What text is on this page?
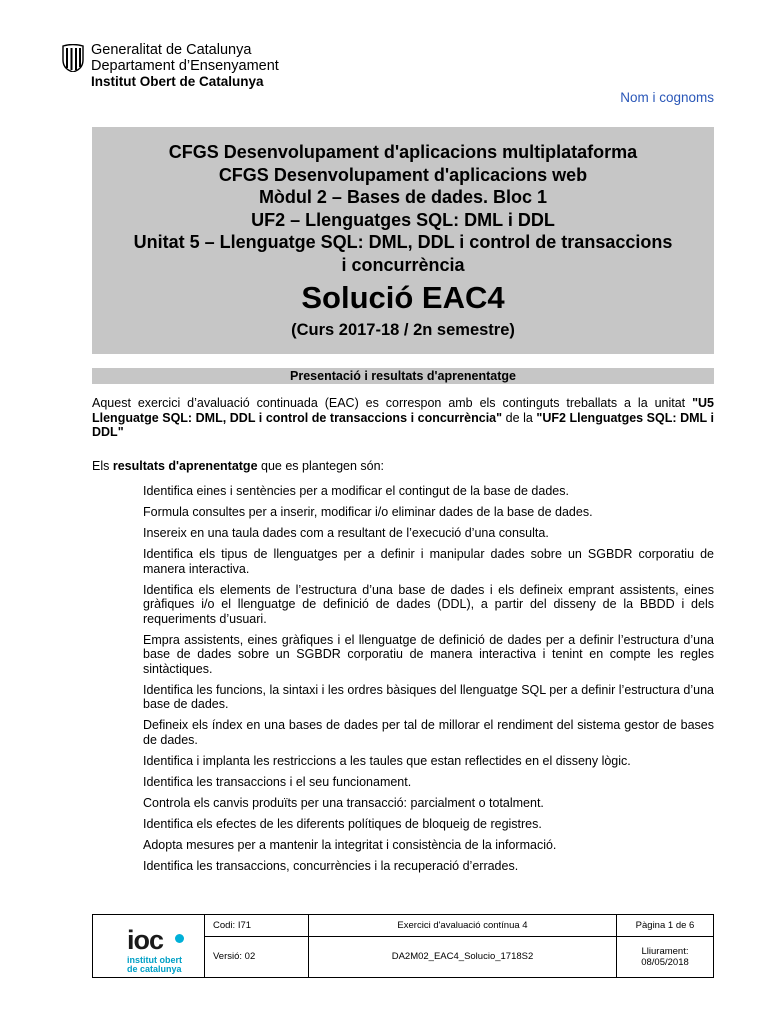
Generalitat de Catalunya
Departament d’Ensenyament
Institut Obert de Catalunya
Nom i cognoms
CFGS Desenvolupament d'aplicacions multiplataforma
CFGS Desenvolupament d'aplicacions web
Mòdul 2 – Bases de dades. Bloc 1
UF2 – Llenguatges SQL: DML i DDL
Unitat 5 – Llenguatge SQL: DML, DDL i control de transaccions
i concurrència
Solució EAC4
(Curs 2017-18 / 2n semestre)
Presentació i resultats d'aprenentatge
Aquest exercici d’avaluació continuada (EAC) es correspon amb els continguts treballats a la unitat "U5 Llenguatge SQL: DML, DDL i control de transaccions i concurrència" de la "UF2 Llenguatges SQL: DML i DDL"
Els resultats d'aprenentatge que es plantegen són:
Identifica eines i sentències per a modificar el contingut de la base de dades.
Formula consultes per a inserir, modificar i/o eliminar dades de la base de dades.
Insereix en una taula dades com a resultant de l’execució d’una consulta.
Identifica els tipus de llenguatges per a definir i manipular dades sobre un SGBDR corporatiu de manera interactiva.
Identifica els elements de l’estructura d’una base de dades i els defineix emprant assistents, eines gràfiques i/o el llenguatge de definició de dades (DDL), a partir del disseny de la BBDD i dels requeriments d’usuari.
Empra assistents, eines gràfiques i el llenguatge de definició de dades per a definir l’estructura d’una base de dades sobre un SGBDR corporatiu de manera interactiva i tenint en compte les regles sintàctiques.
Identifica les funcions, la sintaxi i les ordres bàsiques del llenguatge SQL per a definir l’estructura d’una base de dades.
Defineix els índex en una bases de dades per tal de millorar el rendiment del sistema gestor de bases de dades.
Identifica i implanta les restriccions a les taules que estan reflectides en el disseny lògic.
Identifica les transaccions i el seu funcionament.
Controla els canvis produïts per una transacció: parcialment o totalment.
Identifica els efectes de les diferents polítiques de bloqueig de registres.
Adopta mesures per a mantenir la integritat i consistència de la informació.
Identifica les transaccions, concurrències i la recuperació d’errades.
ioc
institut obert
de catalunya	Codi: I71	Exercici d'avaluació contínua 4	Pàgina 1 de 6
	Versió: 02	DA2M02_EAC4_Solucio_1718S2	Lliurament:
08/05/2018
